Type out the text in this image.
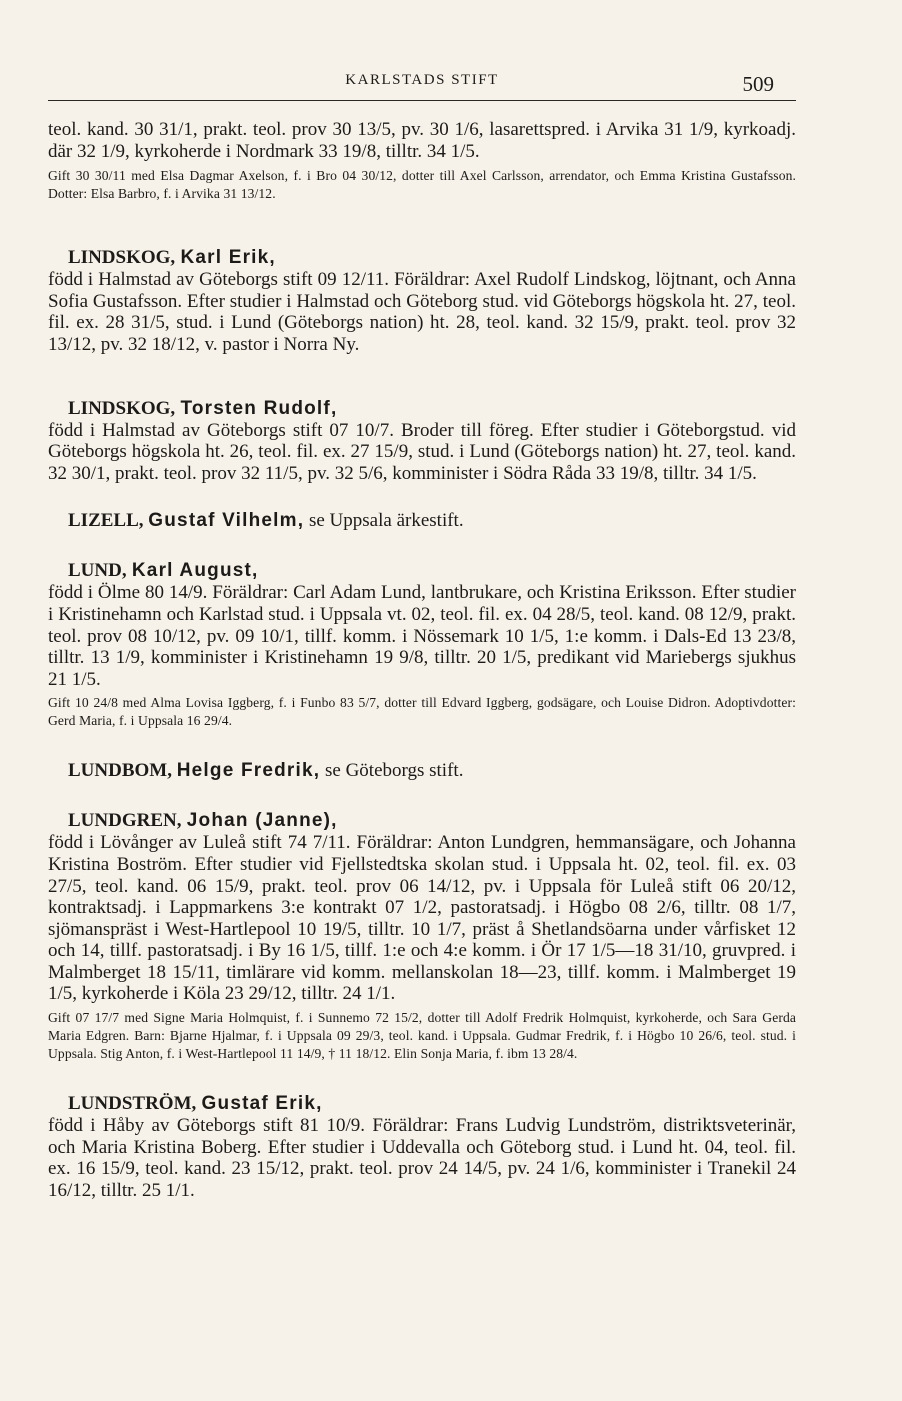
KARLSTADS STIFT	509
teol. kand. 30 31/1, prakt. teol. prov 30 13/5, pv. 30 1/6, lasarettspred. i Arvika 31 1/9, kyrkoadj. där 32 1/9, kyrkoherde i Nordmark 33 19/8, tilltr. 34 1/5.
Gift 30 30/11 med Elsa Dagmar Axelson, f. i Bro 04 30/12, dotter till Axel Carlsson, arrendator, och Emma Kristina Gustafsson. Dotter: Elsa Barbro, f. i Arvika 31 13/12.
LINDSKOG, Karl Erik,
född i Halmstad av Göteborgs stift 09 12/11. Föräldrar: Axel Rudolf Lindskog, löjtnant, och Anna Sofia Gustafsson. Efter studier i Halmstad och Göteborg stud. vid Göteborgs högskola ht. 27, teol. fil. ex. 28 31/5, stud. i Lund (Göteborgs nation) ht. 28, teol. kand. 32 15/9, prakt. teol. prov 32 13/12, pv. 32 18/12, v. pastor i Norra Ny.
LINDSKOG, Torsten Rudolf,
född i Halmstad av Göteborgs stift 07 10/7. Broder till föreg. Efter studier i Göteborgstud. vid Göteborgs högskola ht. 26, teol. fil. ex. 27 15/9, stud. i Lund (Göteborgs nation) ht. 27, teol. kand. 32 30/1, prakt. teol. prov 32 11/5, pv. 32 5/6, komminister i Södra Råda 33 19/8, tilltr. 34 1/5.
LIZELL, Gustaf Vilhelm, se Uppsala ärkestift.
LUND, Karl August,
född i Ölme 80 14/9. Föräldrar: Carl Adam Lund, lantbrukare, och Kristina Eriksson. Efter studier i Kristinehamn och Karlstad stud. i Uppsala vt. 02, teol. fil. ex. 04 28/5, teol. kand. 08 12/9, prakt. teol. prov 08 10/12, pv. 09 10/1, tillf. komm. i Nössemark 10 1/5, 1:e komm. i Dals-Ed 13 23/8, tilltr. 13 1/9, komminister i Kristinehamn 19 9/8, tilltr. 20 1/5, predikant vid Mariebergs sjukhus 21 1/5.
Gift 10 24/8 med Alma Lovisa Iggberg, f. i Funbo 83 5/7, dotter till Edvard Iggberg, godsägare, och Louise Didron. Adoptivdotter: Gerd Maria, f. i Uppsala 16 29/4.
LUNDBOM, Helge Fredrik, se Göteborgs stift.
LUNDGREN, Johan (Janne),
född i Lövånger av Luleå stift 74 7/11. Föräldrar: Anton Lundgren, hemmansägare, och Johanna Kristina Boström. Efter studier vid Fjellstedtska skolan stud. i Uppsala ht. 02, teol. fil. ex. 03 27/5, teol. kand. 06 15/9, prakt. teol. prov 06 14/12, pv. i Uppsala för Luleå stift 06 20/12, kontraktsadj. i Lappmarkens 3:e kontrakt 07 1/2, pastoratsadj. i Högbo 08 2/6, tilltr. 08 1/7, sjömanspräst i West-Hartlepool 10 19/5, tilltr. 10 1/7, präst å Shetlandsöarna under vårfisket 12 och 14, tillf. pastoratsadj. i By 16 1/5, tillf. 1:e och 4:e komm. i Ör 17 1/5—18 31/10, gruvpred. i Malmberget 18 15/11, timlärare vid komm. mellanskolan 18—23, tillf. komm. i Malmberget 19 1/5, kyrkoherde i Köla 23 29/12, tilltr. 24 1/1.
Gift 07 17/7 med Signe Maria Holmquist, f. i Sunnemo 72 15/2, dotter till Adolf Fredrik Holmquist, kyrkoherde, och Sara Gerda Maria Edgren. Barn: Bjarne Hjalmar, f. i Uppsala 09 29/3, teol. kand. i Uppsala. Gudmar Fredrik, f. i Högbo 10 26/6, teol. stud. i Uppsala. Stig Anton, f. i West-Hartlepool 11 14/9, † 11 18/12. Elin Sonja Maria, f. ibm 13 28/4.
LUNDSTRÖM, Gustaf Erik,
född i Håby av Göteborgs stift 81 10/9. Föräldrar: Frans Ludvig Lundström, distriktsveterinär, och Maria Kristina Boberg. Efter studier i Uddevalla och Göteborg stud. i Lund ht. 04, teol. fil. ex. 16 15/9, teol. kand. 23 15/12, prakt. teol. prov 24 14/5, pv. 24 1/6, komminister i Tranekil 24 16/12, tilltr. 25 1/1.
